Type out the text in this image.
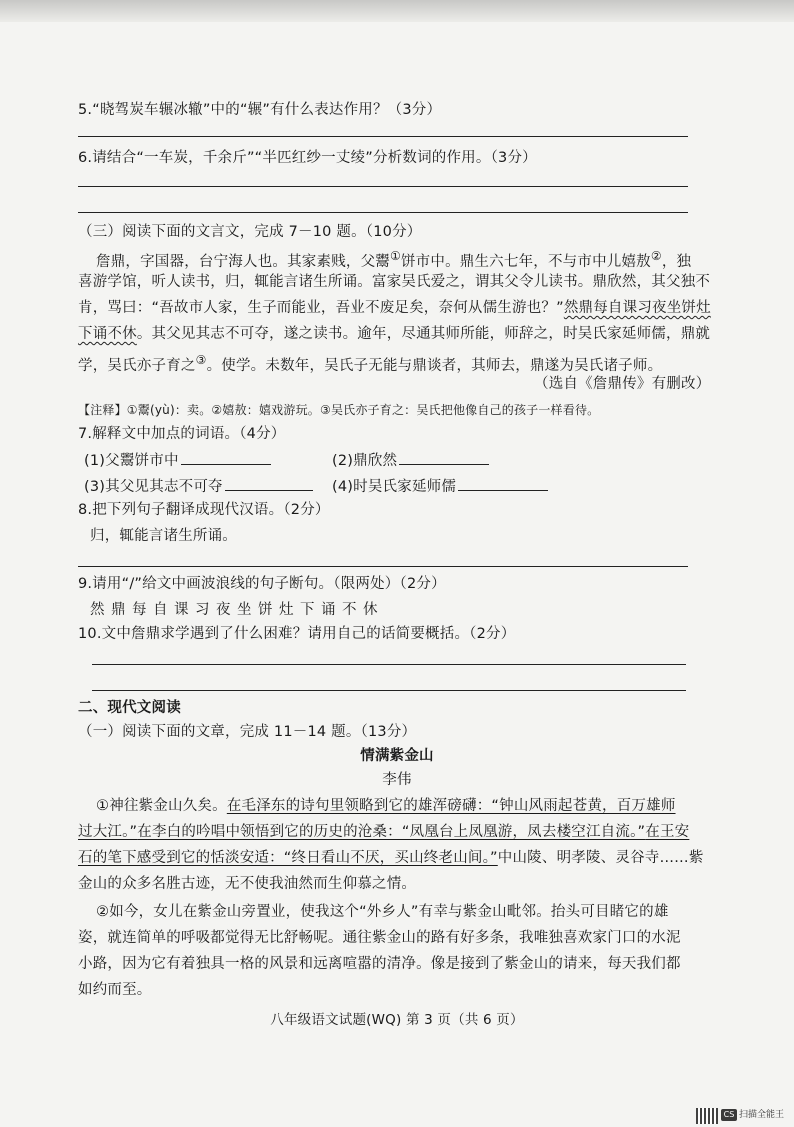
5.“晓驾炭车辗冰辙”中的“辗”有什么表达作用？（3分）
6.请结合“一车炭，千余斤”“半匹红纱一丈绫”分析数词的作用。（3分）
（三）阅读下面的文言文，完成 7－10 题。（10分）
詹鼎，字国器，台宁海人也。其家素贱，父鬻①饼市中。鼎生六七年，不与市中儿嬉敖②，独
喜游学馆，听人读书，归，辄能言诸生所诵。富家吴氏爱之，谓其父令儿读书。鼎欣然，其父独不
肯，骂曰：“吾故市人家，生子而能业，吾业不废足矣，奈何从儒生游也？”然鼎每自课习夜坐饼灶
下诵不休。其父见其志不可夺，遂之读书。逾年，尽通其师所能，师辞之，时吴氏家延师儒，鼎就
学，吴氏亦子育之③。使学。未数年，吴氏子无能与鼎谈者，其师去，鼎遂为吴氏诸子师。
（选自《詹鼎传》有删改）
【注释】①鬻(yù)：卖。②嬉敖：嬉戏游玩。③吴氏亦子育之：吴氏把他像自己的孩子一样看待。
7.解释文中加点的词语。（4分）
(1)父鬻饼市中	(2)鼎欣然
(3)其父见其志不可夺	(4)时吴氏家延师儒
8.把下列句子翻译成现代汉语。（2分）
归，辄能言诸生所诵。
9.请用“/”给文中画波浪线的句子断句。（限两处）（2分）
然鼎每自课习夜坐饼灶下诵不休
10.文中詹鼎求学遇到了什么困难？请用自己的话简要概括。（2分）
二、现代文阅读
（一）阅读下面的文章，完成 11－14 题。（13分）
情满紫金山
李伟
①神往紫金山久矣。在毛泽东的诗句里领略到它的雄浑磅礴：“钟山风雨起苍黄，百万雄师
过大江。”在李白的吟唱中领悟到它的历史的沧桑：“凤凰台上凤凰游，凤去楼空江自流。”在王安
石的笔下感受到它的恬淡安适：“终日看山不厌，买山终老山间。”中山陵、明孝陵、灵谷寺……紫
金山的众多名胜古迹，无不使我油然而生仰慕之情。
②如今，女儿在紫金山旁置业，使我这个“外乡人”有幸与紫金山毗邻。抬头可目睹它的雄
姿，就连简单的呼吸都觉得无比舒畅呢。通往紫金山的路有好多条，我唯独喜欢家门口的水泥
小路，因为它有着独具一格的风景和远离喧嚣的清净。像是接到了紫金山的请来，每天我们都
如约而至。
八年级语文试题(WQ) 第 3 页（共 6 页）
CS $^{扫描全能王}$
